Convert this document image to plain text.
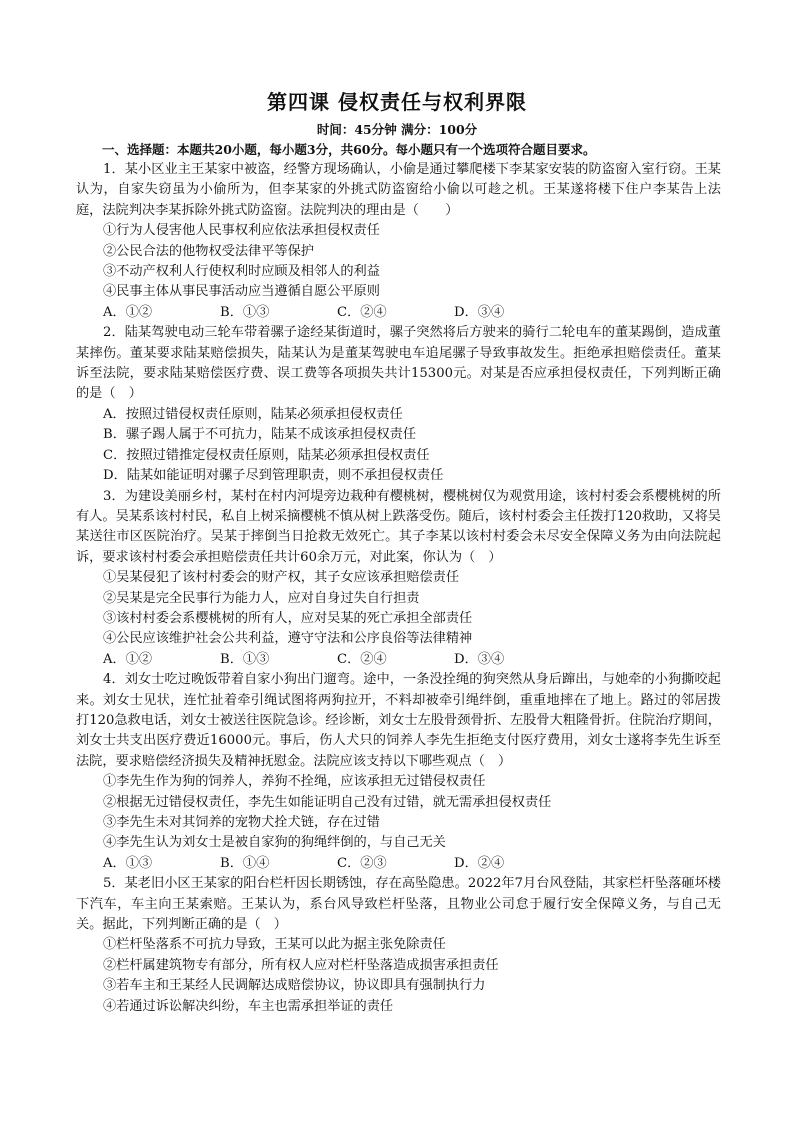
第四课 侵权责任与权利界限
时间：45分钟 满分：100分
一、选择题：本题共20小题，每小题3分，共60分。每小题只有一个选项符合题目要求。

1．某小区业主王某家中被盗，经警方现场确认，小偷是通过攀爬楼下李某家安装的防盗窗入室行窃。王某认为，自家失窃虽为小偷所为，但李某家的外挑式防盗窗给小偷以可趁之机。王某遂将楼下住户李某告上法庭，法院判决李某拆除外挑式防盗窗。法院判决的理由是（　　）

①行为人侵害他人民事权利应依法承担侵权责任

②公民合法的他物权受法律平等保护

③不动产权利人行使权利时应顾及相邻人的利益

④民事主体从事民事活动应当遵循自愿公平原则

A．①②	B．①③	C．②④	D．③④

2．陆某驾驶电动三轮车带着骡子途经某街道时，骡子突然将后方驶来的骑行二轮电车的董某踢倒，造成董某摔伤。董某要求陆某赔偿损失，陆某认为是董某驾驶电车追尾骡子导致事故发生。拒绝承担赔偿责任。董某诉至法院，要求陆某赔偿医疗费、误工费等各项损失共计15300元。对某是否应承担侵权责任，下列判断正确的是（　）

A．按照过错侵权责任原则，陆某必须承担侵权责任

B．骡子踢人属于不可抗力，陆某不成该承担侵权责任

C．按照过错推定侵权责任原则，陆某必须承担侵权责任

D．陆某如能证明对骡子尽到管理职责，则不承担侵权责任

3．为建设美丽乡村，某村在村内河堤旁边栽种有樱桃树，樱桃树仅为观赏用途，该村村委会系樱桃树的所有人。吴某系该村村民，私自上树采摘樱桃不慎从树上跌落受伤。随后，该村村委会主任拨打120救助，又将吴某送往市区医院治疗。吴某于摔倒当日抢救无效死亡。其子李某以该村村委会未尽安全保障义务为由向法院起诉，要求该村村委会承担赔偿责任共计60余万元，对此案，你认为（　）

①吴某侵犯了该村村委会的财产权，其子女应该承担赔偿责任

②吴某是完全民事行为能力人，应对自身过失自行担责

③该村村委会系樱桃树的所有人，应对吴某的死亡承担全部责任

④公民应该维护社会公共利益，遵守守法和公序良俗等法律精神

A．①②	B．①③	C．②④	D．③④

4．刘女士吃过晚饭带着自家小狗出门遛弯。途中，一条没拴绳的狗突然从身后蹿出，与她牵的小狗撕咬起来。刘女士见状，连忙扯着牵引绳试图将两狗拉开，不料却被牵引绳绊倒，重重地摔在了地上。路过的邻居拨打120急救电话，刘女士被送往医院急诊。经诊断，刘女士左股骨颈骨折、左股骨大粗隆骨折。住院治疗期间，刘女士共支出医疗费近16000元。事后，伤人犬只的饲养人李先生拒绝支付医疗费用，刘女士遂将李先生诉至法院，要求赔偿经济损失及精神抚慰金。法院应该支持以下哪些观点（　）

①李先生作为狗的饲养人，养狗不拴绳，应该承担无过错侵权责任

②根据无过错侵权责任，李先生如能证明自己没有过错，就无需承担侵权责任

③李先生未对其饲养的宠物犬拴犬链，存在过错

④李先生认为刘女士是被自家狗的狗绳绊倒的，与自己无关

A．①③	B．①④	C．②③	D．②④

5．某老旧小区王某家的阳台栏杆因长期锈蚀，存在高坠隐患。2022年7月台风登陆，其家栏杆坠落砸坏楼下汽车，车主向王某索赔。王某认为，系台风导致栏杆坠落，且物业公司怠于履行安全保障义务，与自己无关。据此，下列判断正确的是（　）

①栏杆坠落系不可抗力导致，王某可以此为据主张免除责任

②栏杆属建筑物专有部分，所有权人应对栏杆坠落造成损害承担责任

③若车主和王某经人民调解达成赔偿协议，协议即具有强制执行力

④若通过诉讼解决纠纷，车主也需承担举证的责任
